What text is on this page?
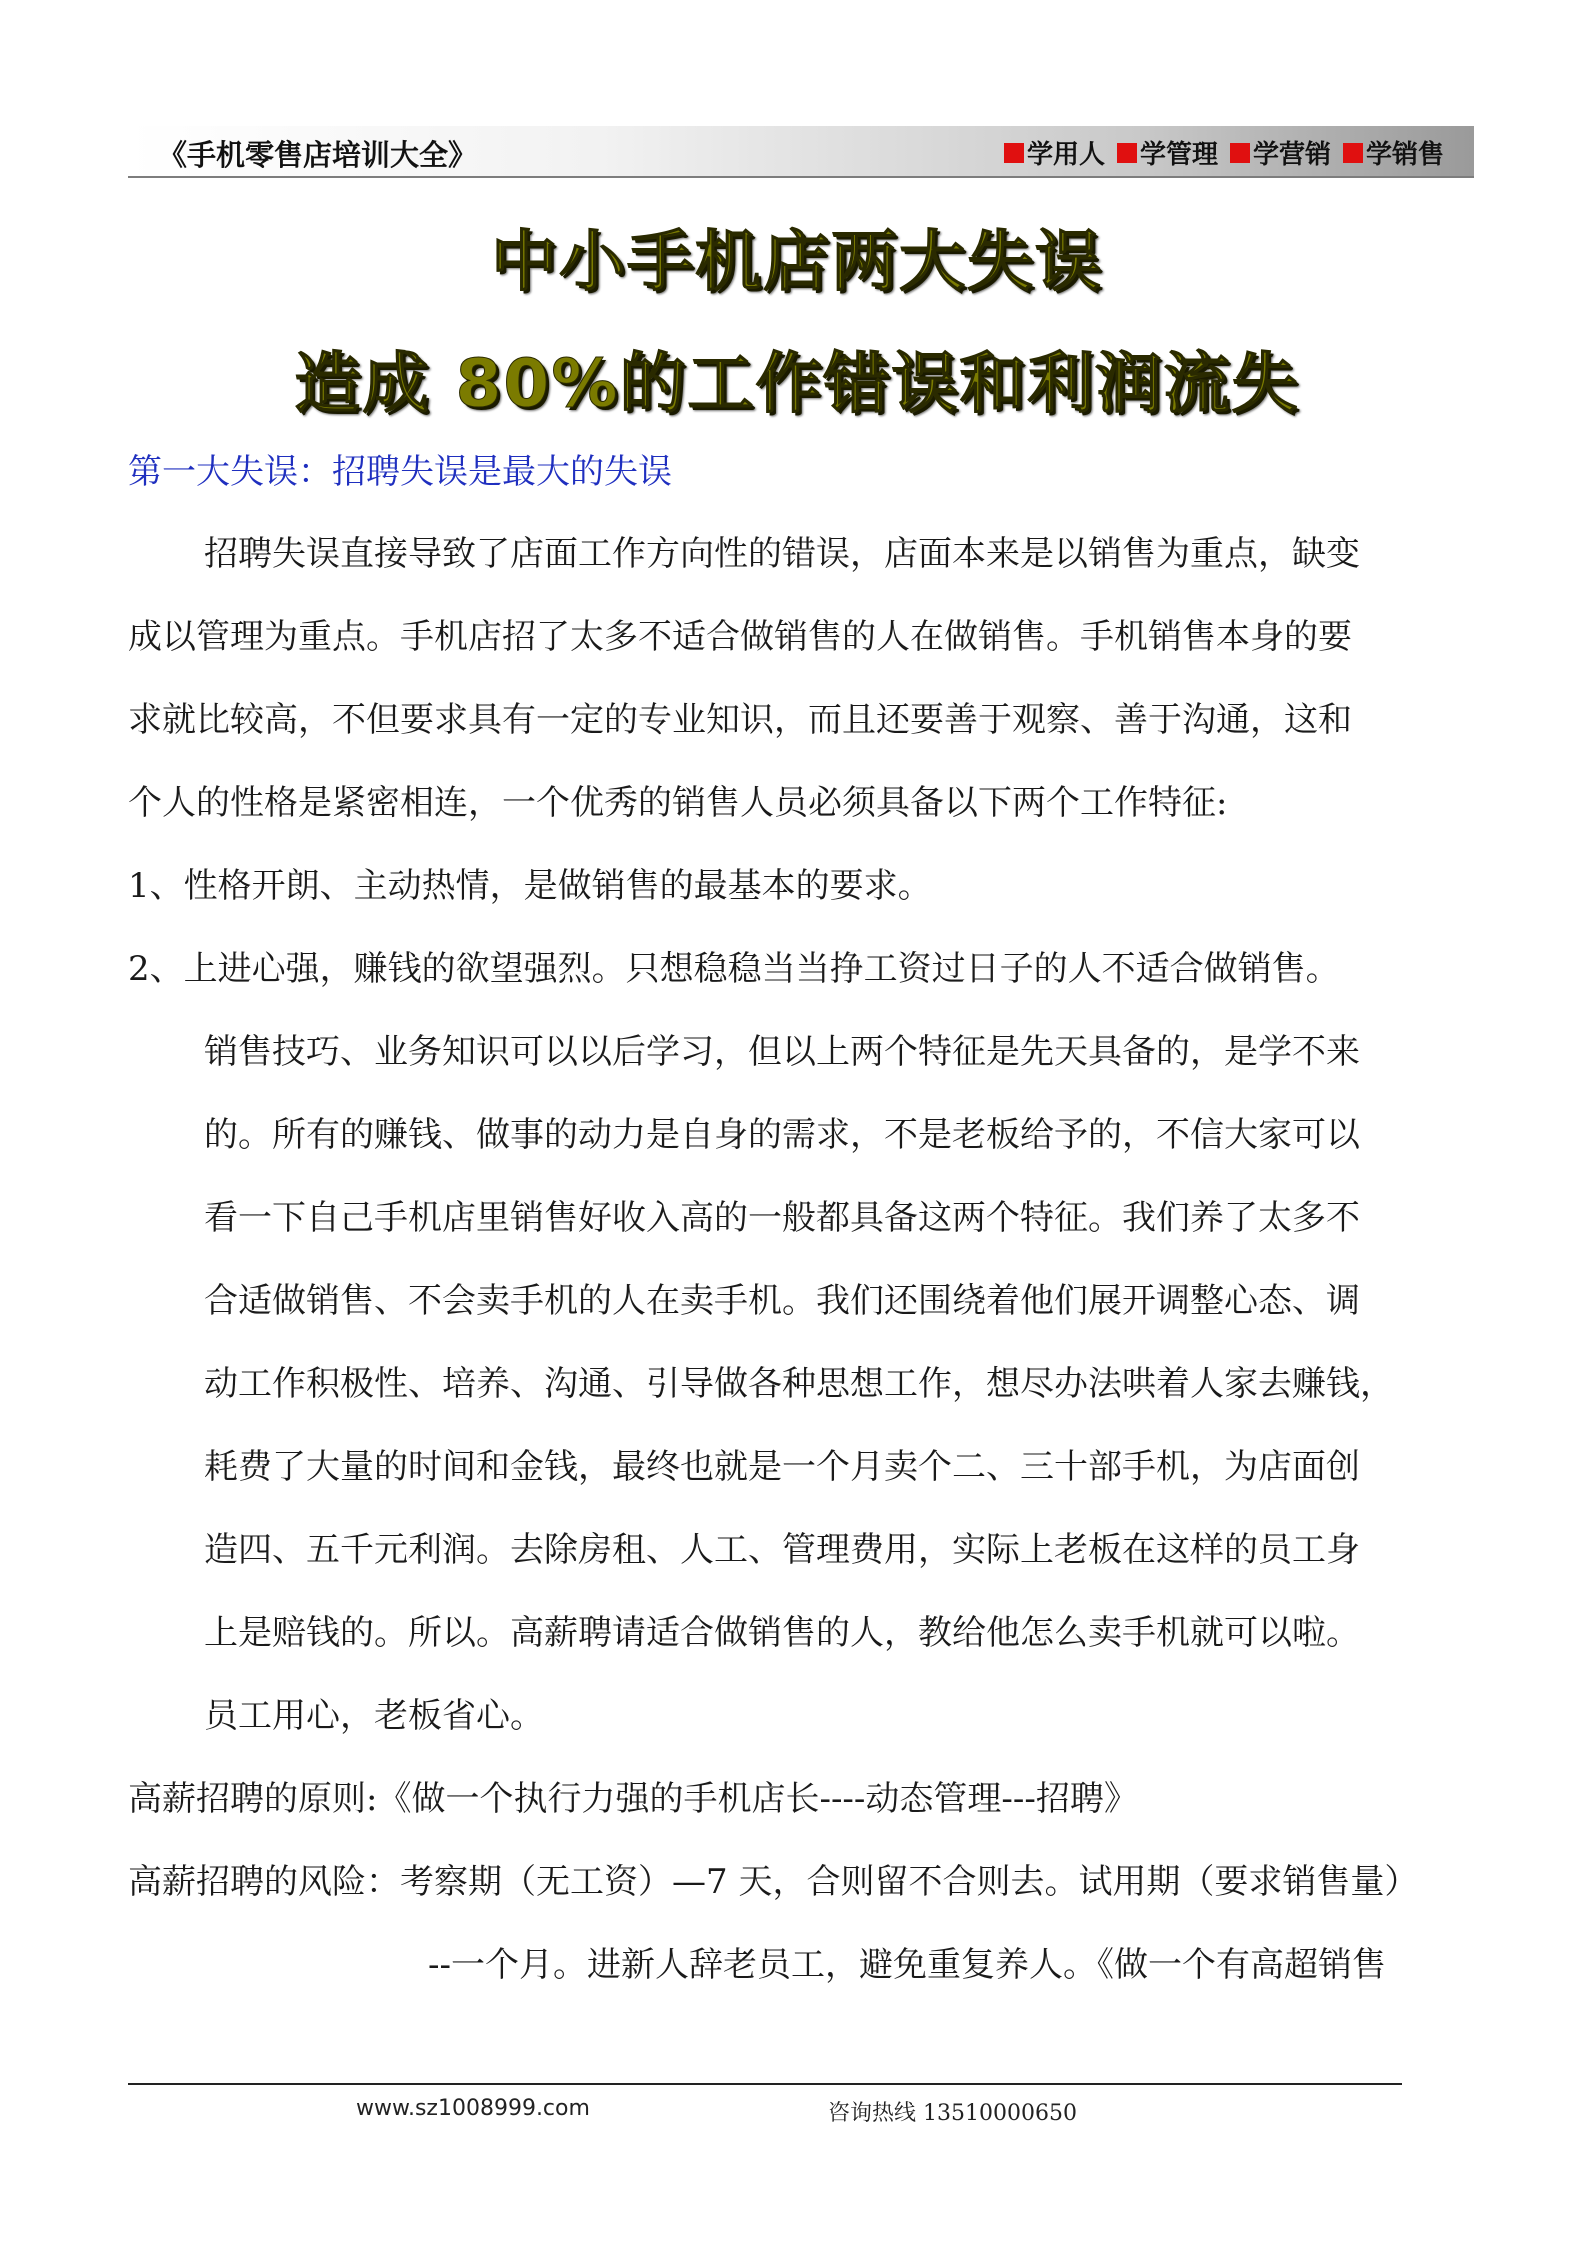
《手机零售店培训大全》	学用人 学管理 学营销 学销售
中小手机店两大失误
造成 80%的工作错误和利润流失
第一大失误：招聘失误是最大的失误
招聘失误直接导致了店面工作方向性的错误，店面本来是以销售为重点，缺变
成以管理为重点。手机店招了太多不适合做销售的人在做销售。手机销售本身的要
求就比较高，不但要求具有一定的专业知识，而且还要善于观察、善于沟通，这和
个人的性格是紧密相连，一个优秀的销售人员必须具备以下两个工作特征:
1、性格开朗、主动热情，是做销售的最基本的要求。
2、上进心强，赚钱的欲望强烈。只想稳稳当当挣工资过日子的人不适合做销售。
销售技巧、业务知识可以以后学习，但以上两个特征是先天具备的，是学不来
的。所有的赚钱、做事的动力是自身的需求，不是老板给予的，不信大家可以
看一下自己手机店里销售好收入高的一般都具备这两个特征。我们养了太多不
合适做销售、不会卖手机的人在卖手机。我们还围绕着他们展开调整心态、调
动工作积极性、培养、沟通、引导做各种思想工作，想尽办法哄着人家去赚钱，
耗费了大量的时间和金钱，最终也就是一个月卖个二、三十部手机，为店面创
造四、五千元利润。去除房租、人工、管理费用，实际上老板在这样的员工身
上是赔钱的。所以。高薪聘请适合做销售的人，教给他怎么卖手机就可以啦。
员工用心，老板省心。
高薪招聘的原则:《做一个执行力强的手机店长----动态管理---招聘》
高薪招聘的风险：考察期（无工资）—7 天，合则留不合则去。试用期（要求销售量）
--一个月。进新人辞老员工，避免重复养人。《做一个有高超销售
www.sz1008999.com	咨询热线 13510000650
